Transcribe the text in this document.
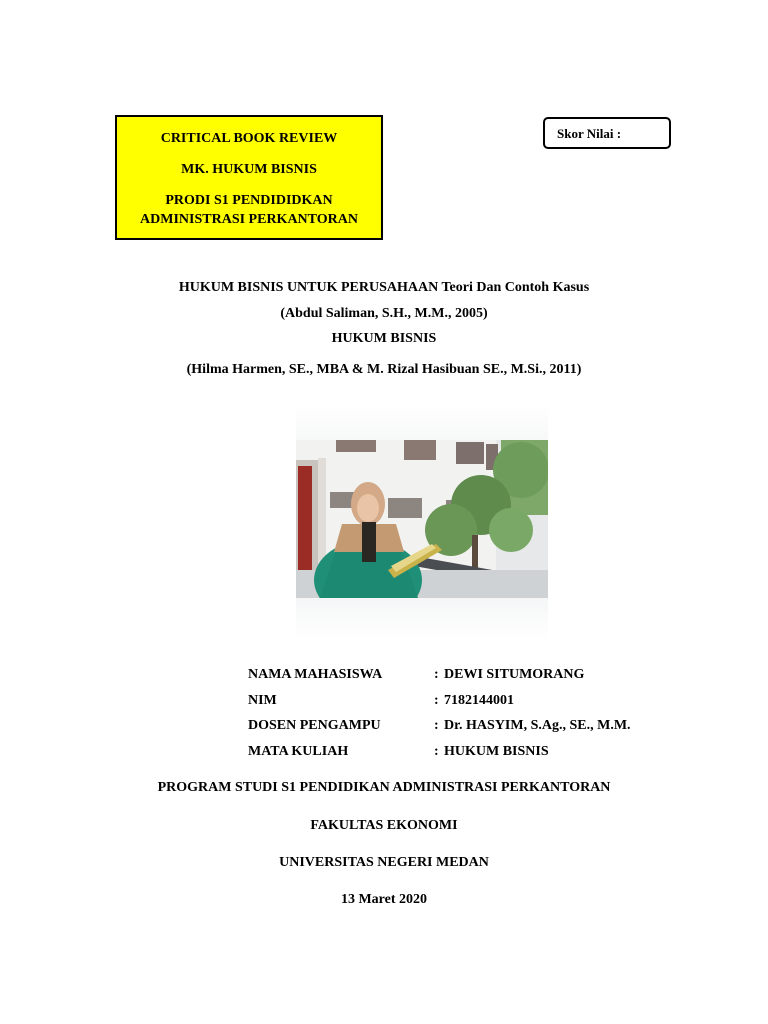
CRITICAL BOOK REVIEW
MK. HUKUM BISNIS
PRODI S1 PENDIDIDKAN
ADMINISTRASI PERKANTORAN
Skor Nilai :
HUKUM BISNIS UNTUK PERUSAHAAN Teori Dan Contoh Kasus
(Abdul Saliman, S.H., M.M., 2005)
HUKUM BISNIS
(Hilma Harmen, SE., MBA & M. Rizal Hasibuan SE., M.Si., 2011)
NAMA MAHASISWA	: DEWI SITUMORANG
NIM	: 7182144001
DOSEN PENGAMPU	: Dr. HASYIM, S.Ag., SE., M.M.
MATA KULIAH	: HUKUM BISNIS
PROGRAM STUDI S1 PENDIDIKAN ADMINISTRASI PERKANTORAN
FAKULTAS EKONOMI
UNIVERSITAS NEGERI MEDAN
13 Maret 2020
